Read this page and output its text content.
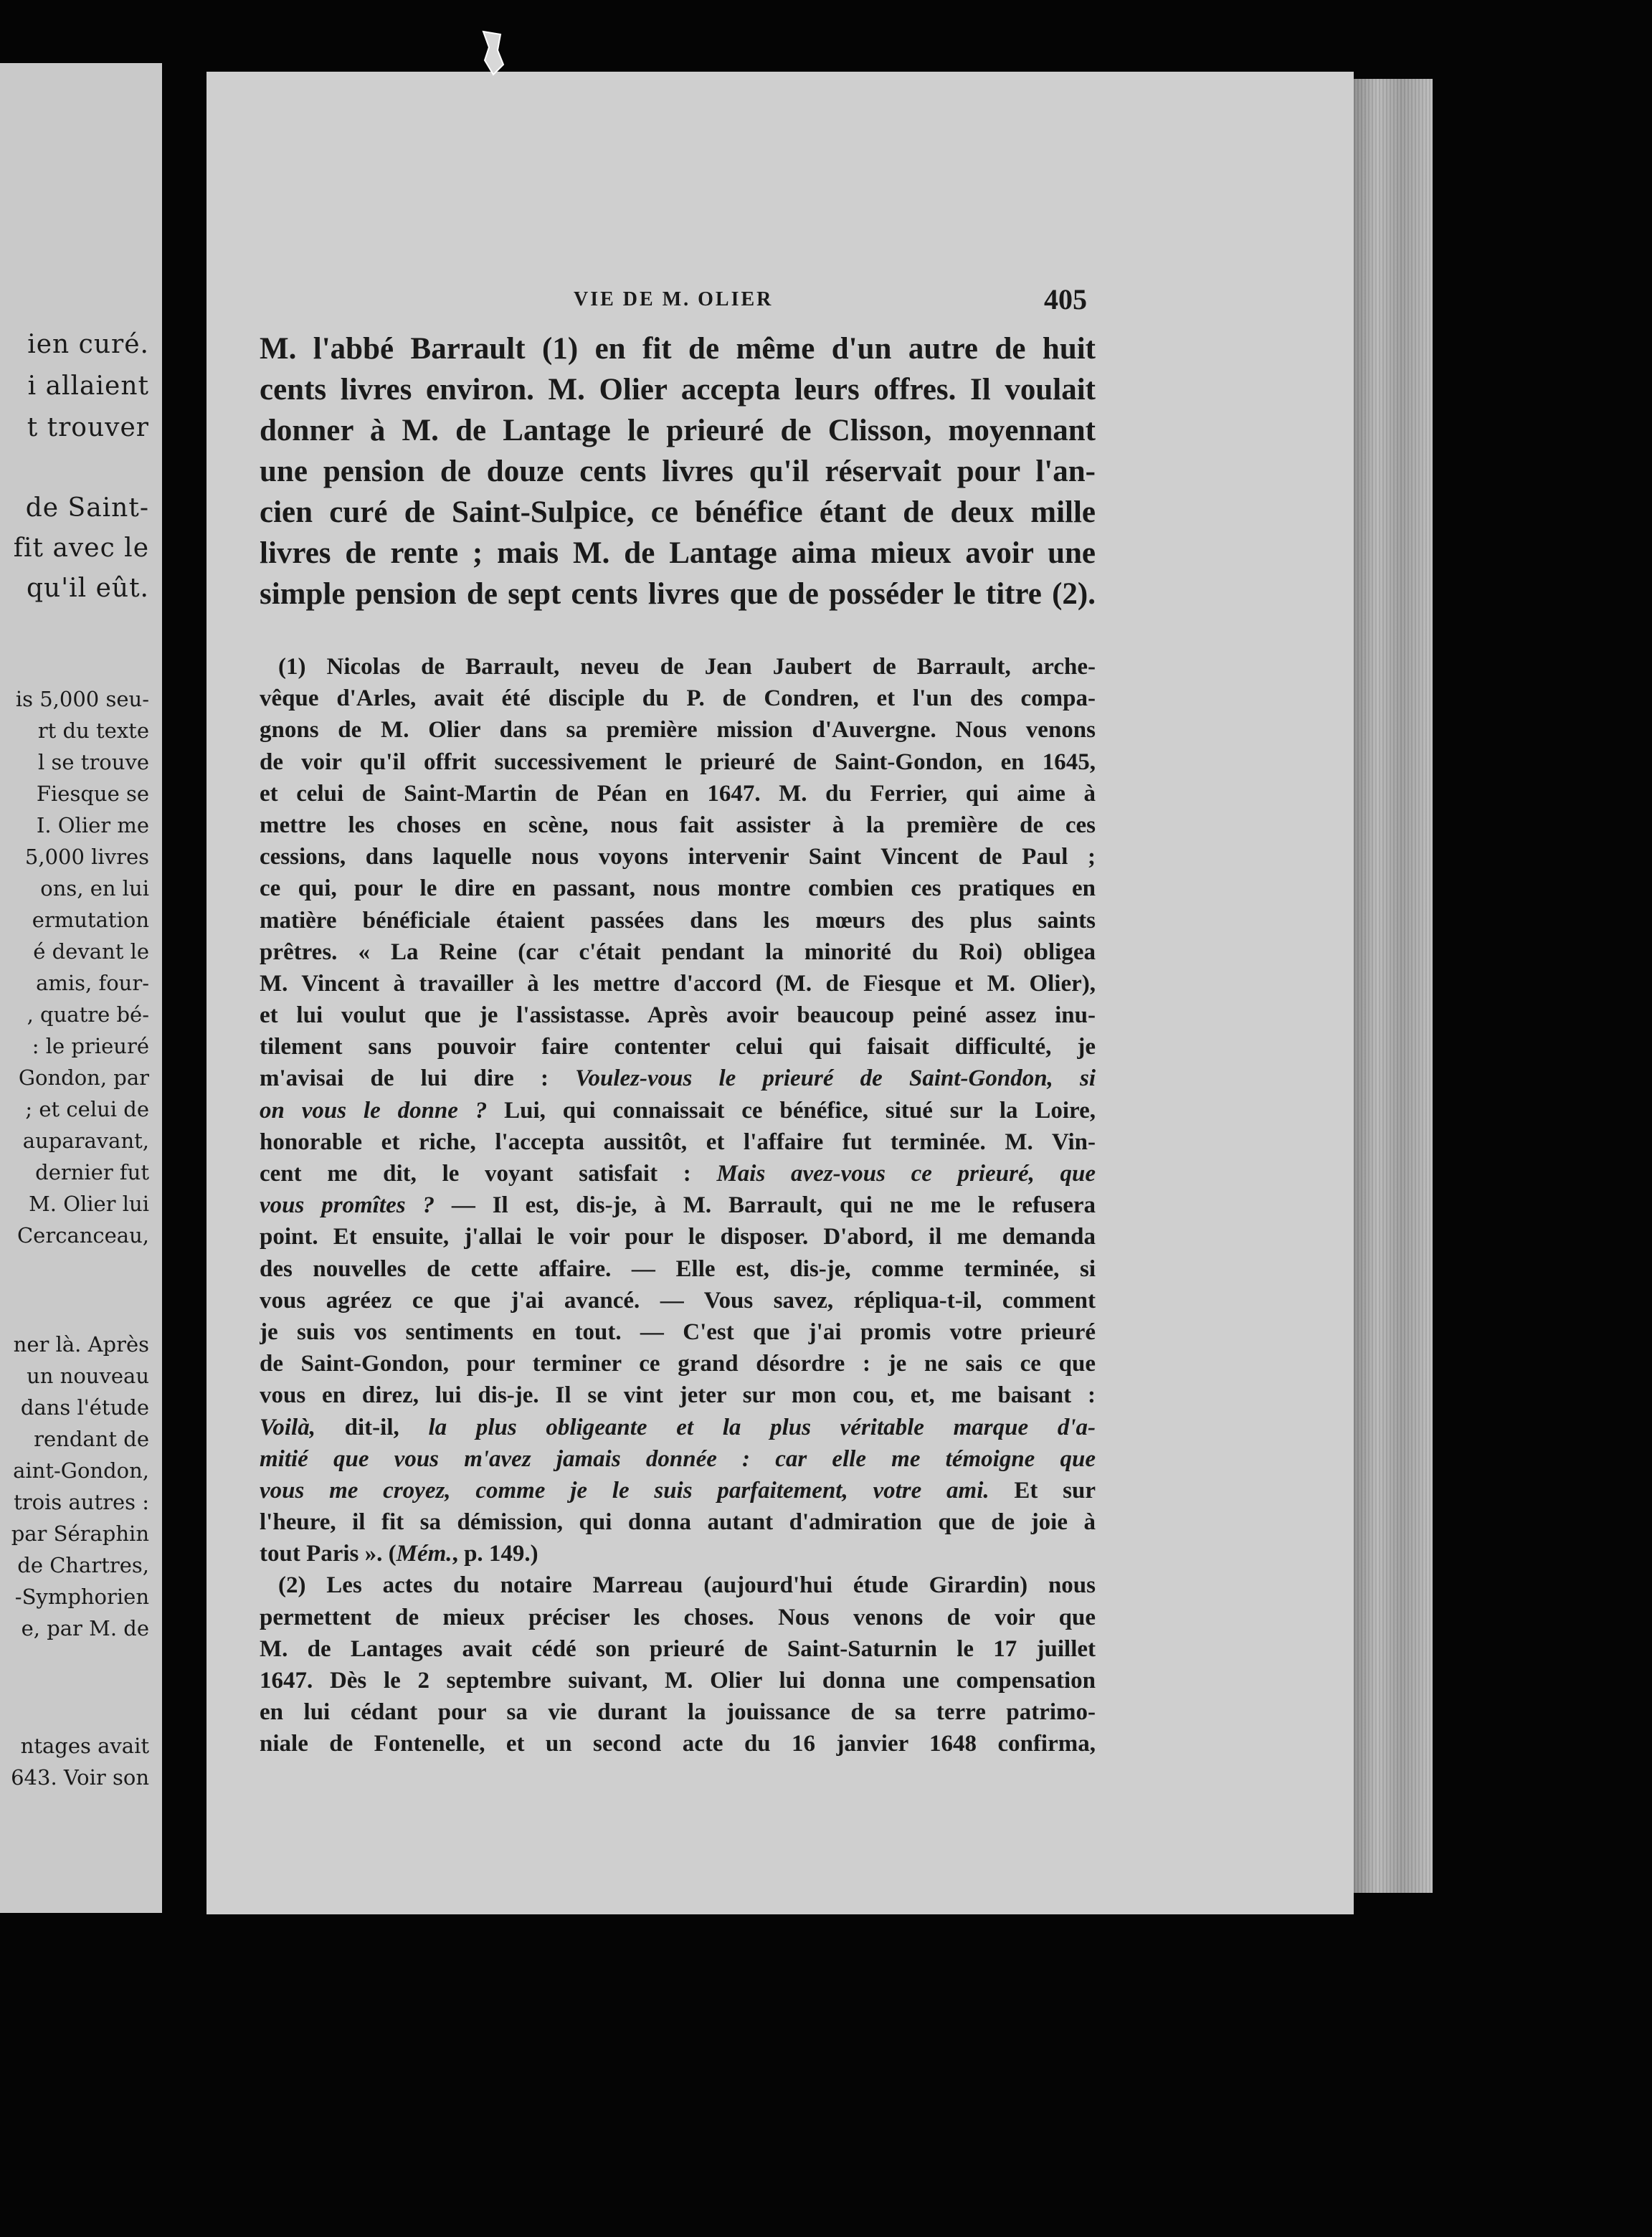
ien curé.
i allaient
t trouver
de Saint-
fit avec le
qu'il eût.
is 5,000 seu-
rt du texte
l se trouve
Fiesque se
I. Olier me
5,000 livres
ons, en lui
ermutation
é devant le
amis, four-
, quatre bé-
: le prieuré
Gondon, par
; et celui de
auparavant,
dernier fut
M. Olier lui
Cercanceau,
ner là. Après
un nouveau
dans l'étude
rendant de
aint-Gondon,
trois autres :
par Séraphin
de Chartres,
-Symphorien
e, par M. de
ntages avait
643. Voir son
VIE DE M. OLIER	405
M. l'abbé Barrault (1) en fit de même d'un autre de huit
cents livres environ. M. Olier accepta leurs offres. Il voulait
donner à M. de Lantage le prieuré de Clisson, moyennant
une pension de douze cents livres qu'il réservait pour l'an-
cien curé de Saint-Sulpice, ce bénéfice étant de deux mille
livres de rente ; mais M. de Lantage aima mieux avoir une
simple pension de sept cents livres que de posséder le titre (2).
(1) Nicolas de Barrault, neveu de Jean Jaubert de Barrault, arche-
vêque d'Arles, avait été disciple du P. de Condren, et l'un des compa-
gnons de M. Olier dans sa première mission d'Auvergne. Nous venons
de voir qu'il offrit successivement le prieuré de Saint-Gondon, en 1645,
et celui de Saint-Martin de Péan en 1647. M. du Ferrier, qui aime à
mettre les choses en scène, nous fait assister à la première de ces
cessions, dans laquelle nous voyons intervenir Saint Vincent de Paul ;
ce qui, pour le dire en passant, nous montre combien ces pratiques en
matière bénéficiale étaient passées dans les mœurs des plus saints
prêtres. « La Reine (car c'était pendant la minorité du Roi) obligea
M. Vincent à travailler à les mettre d'accord (M. de Fiesque et M. Olier),
et lui voulut que je l'assistasse. Après avoir beaucoup peiné assez inu-
tilement sans pouvoir faire contenter celui qui faisait difficulté, je
m'avisai de lui dire : Voulez-vous le prieuré de Saint-Gondon, si
on vous le donne ? Lui, qui connaissait ce bénéfice, situé sur la Loire,
honorable et riche, l'accepta aussitôt, et l'affaire fut terminée. M. Vin-
cent me dit, le voyant satisfait : Mais avez-vous ce prieuré, que
vous promîtes ? — Il est, dis-je, à M. Barrault, qui ne me le refusera
point. Et ensuite, j'allai le voir pour le disposer. D'abord, il me demanda
des nouvelles de cette affaire. — Elle est, dis-je, comme terminée, si
vous agréez ce que j'ai avancé. — Vous savez, répliqua-t-il, comment
je suis vos sentiments en tout. — C'est que j'ai promis votre prieuré
de Saint-Gondon, pour terminer ce grand désordre : je ne sais ce que
vous en direz, lui dis-je. Il se vint jeter sur mon cou, et, me baisant :
Voilà, dit-il, la plus obligeante et la plus véritable marque d'a-
mitié que vous m'avez jamais donnée : car elle me témoigne que
vous me croyez, comme je le suis parfaitement, votre ami. Et sur
l'heure, il fit sa démission, qui donna autant d'admiration que de joie à
tout Paris ». (Mém., p. 149.)
(2) Les actes du notaire Marreau (aujourd'hui étude Girardin) nous
permettent de mieux préciser les choses. Nous venons de voir que
M. de Lantages avait cédé son prieuré de Saint-Saturnin le 17 juillet
1647. Dès le 2 septembre suivant, M. Olier lui donna une compensation
en lui cédant pour sa vie durant la jouissance de sa terre patrimo-
niale de Fontenelle, et un second acte du 16 janvier 1648 confirma,
